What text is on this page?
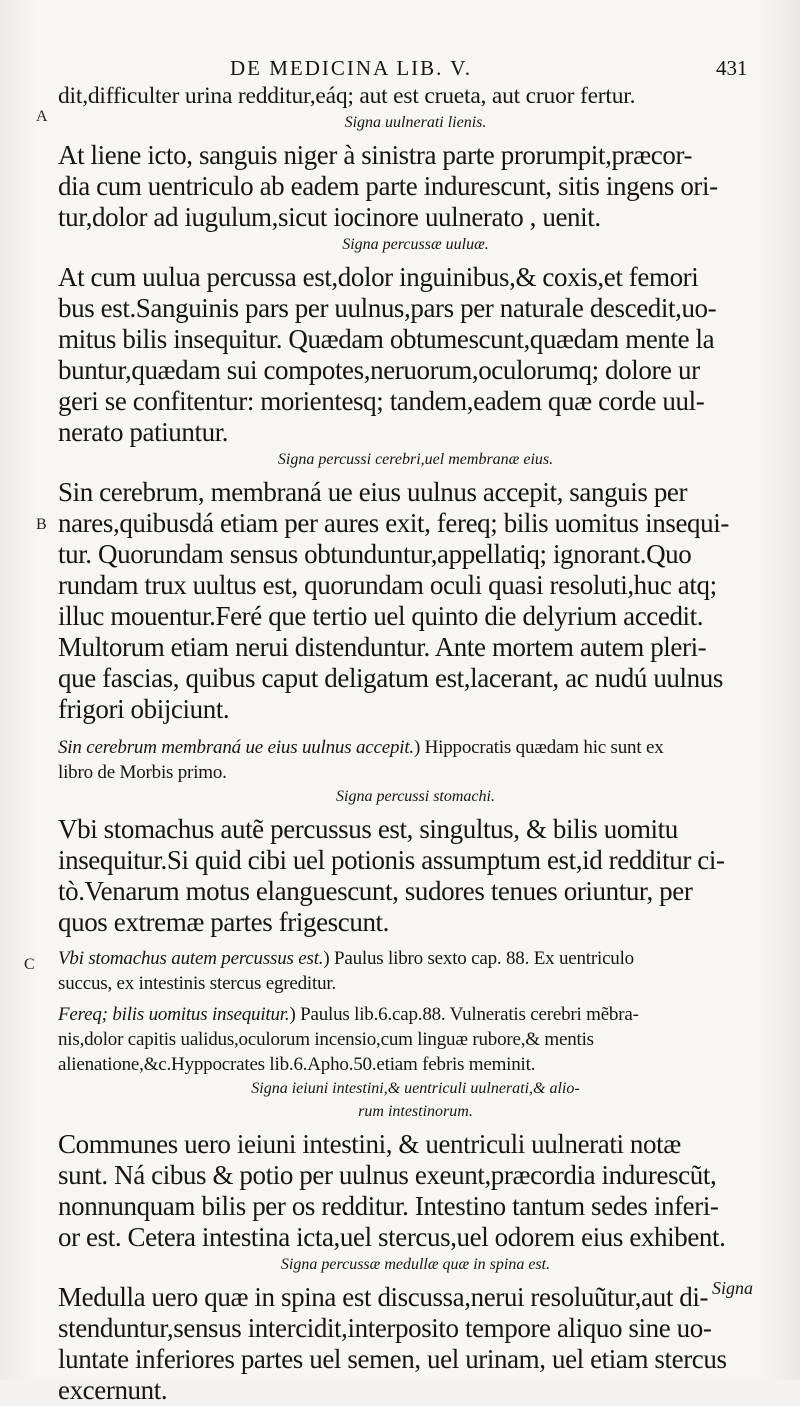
DE MEDICINA LIB. V.	431
A
B
C
dit,difficulter urina redditur,eáq; aut est crueta, aut cruor fertur.
Signa uulnerati lienis.
At liene icto, sanguis niger à sinistra parte prorumpit,præcor-
dia cum uentriculo ab eadem parte indurescunt, sitis ingens ori-
tur,dolor ad iugulum,sicut iocinore uulnerato , uenit.
Signa percussæ uuluæ.
At cum uulua percussa est,dolor inguinibus,& coxis,et femori
bus est.Sanguinis pars per uulnus,pars per naturale descedit,uo-
mitus bilis insequitur. Quædam obtumescunt,quædam mente la
buntur,quædam sui compotes,neruorum,oculorumq; dolore ur
geri se confitentur: morientesq; tandem,eadem quæ corde uul-
nerato patiuntur.
Signa percussi cerebri,uel membranæ eius.
Sin cerebrum, membraná ue eius uulnus accepit, sanguis per
nares,quibusdá etiam per aures exit, fereq; bilis uomitus insequi-
tur. Quorundam sensus obtunduntur,appellatiq; ignorant.Quo
rundam trux uultus est, quorundam oculi quasi resoluti,huc atq;
illuc mouentur.Feré que tertio uel quinto die delyrium accedit.
Multorum etiam nerui distenduntur. Ante mortem autem pleri-
que fascias, quibus caput deligatum est,lacerant, ac nudú uulnus
frigori obijciunt.
Sin cerebrum membraná ue eius uulnus accepit.) Hippocratis quædam hic sunt ex
libro de Morbis primo.
Signa percussi stomachi.
Vbi stomachus autẽ percussus est, singultus, & bilis uomitu
insequitur.Si quid cibi uel potionis assumptum est,id redditur ci-
tò.Venarum motus elanguescunt, sudores tenues oriuntur, per
quos extremæ partes frigescunt.
Vbi stomachus autem percussus est.) Paulus libro sexto cap. 88. Ex uentriculo
succus, ex intestinis stercus egreditur.
Fereq; bilis uomitus insequitur.) Paulus lib.6.cap.88. Vulneratis cerebri mẽbra-
nis,dolor capitis ualidus,oculorum incensio,cum linguæ rubore,& mentis
alienatione,&c.Hyppocrates lib.6.Apho.50.etiam febris meminit.
Signa ieiuni intestini,& uentriculi uulnerati,& alio-
rum intestinorum.
Communes uero ieiuni intestini, & uentriculi uulnerati notæ
sunt. Ná cibus & potio per uulnus exeunt,præcordia indurescũt,
nonnunquam bilis per os redditur. Intestino tantum sedes inferi-
or est. Cetera intestina icta,uel stercus,uel odorem eius exhibent.
Signa percussæ medullæ quæ in spina est.
Medulla uero quæ in spina est discussa,nerui resoluũtur,aut di-
stenduntur,sensus intercidit,interposito tempore aliquo sine uo-
luntate inferiores partes uel semen, uel urinam, uel etiam stercus
excernunt.
Signa
